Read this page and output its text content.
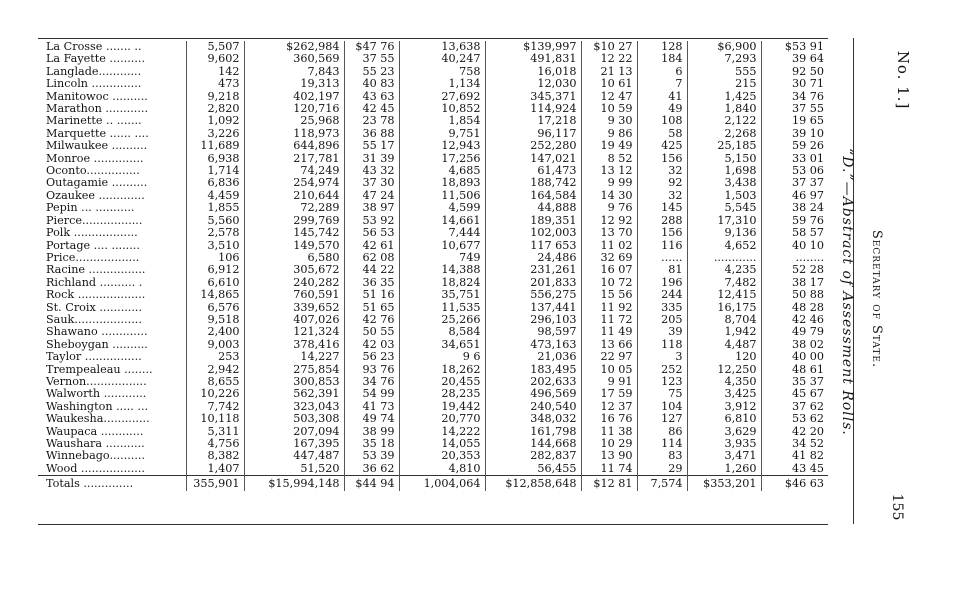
La Crosse ....... ..	5,507	$262,984	$47 76	13,638	$139,997	$10 27	128	$6,900	$53 91
La Fayette ..........	9,602	360,569	37 55	40,247	491,831	12 22	184	7,293	39 64
Langlade............	142	7,843	55 23	758	16,018	21 13	6	555	92 50
Lincoln ..............	473	19,313	40 83	1,134	12,030	10 61	7	215	30 71
Manitowoc ..........	9,218	402,197	43 63	27,692	345,371	12 47	41	1,425	34 76
Marathon ............	2,820	120,716	42 45	10,852	114,924	10 59	49	1,840	37 55
Marinette .. .......	1,092	25,968	23 78	1,854	17,218	9 30	108	2,122	19 65
Marquette ...... ....	3,226	118,973	36 88	9,751	96,117	9 86	58	2,268	39 10
Milwaukee ..........	11,689	644,896	55 17	12,943	252,280	19 49	425	25,185	59 26
Monroe ..............	6,938	217,781	31 39	17,256	147,021	8 52	156	5,150	33 01
Oconto...............	1,714	74,249	43 32	4,685	61,473	13 12	32	1,698	53 06
Outagamie ..........	6,836	254,974	37 30	18,893	188,742	9 99	92	3,438	37 37
Ozaukee .............	4,459	210,644	47 24	11,506	164,584	14 30	32	1,503	46 97
Pepin ... ...........	1,855	72,289	38 97	4,599	44,888	9 76	145	5,545	38 24
Pierce.................	5,560	299,769	53 92	14,661	189,351	12 92	288	17,310	59 76
Polk ..................	2,578	145,742	56 53	7,444	102,003	13 70	156	9,136	58 57
Portage .... ........	3,510	149,570	42 61	10,677	117 653	11 02	116	4,652	40 10
Price..................	106	6,580	62 08	749	24,486	32 69	......	............	........
Racine ................	6,912	305,672	44 22	14,388	231,261	16 07	81	4,235	52 28
Richland .......... .	6,610	240,282	36 35	18,824	201,833	10 72	196	7,482	38 17
Rock ...................	14,865	760,591	51 16	35,751	556,275	15 56	244	12,415	50 88
St. Croix ............	6,576	339,652	51 65	11,535	137,441	11 92	335	16,175	48 28
Sauk...................	9,518	407,026	42 76	25,266	296,103	11 72	205	8,704	42 46
Shawano .............	2,400	121,324	50 55	8,584	98,597	11 49	39	1,942	49 79
Sheboygan ..........	9,003	378,416	42 03	34,651	473,163	13 66	118	4,487	38 02
Taylor ................	253	14,227	56 23	9 6	21,036	22 97	3	120	40 00
Trempealeau ........	2,942	275,854	93 76	18,262	183,495	10 05	252	12,250	48 61
Vernon.................	8,655	300,853	34 76	20,455	202,633	9 91	123	4,350	35 37
Walworth ............	10,226	562,391	54 99	28,235	496,569	17 59	75	3,425	45 67
Washington ..... ...	7,742	323,043	41 73	19,442	240,540	12 37	104	3,912	37 62
Waukesha.............	10,118	503,308	49 74	20,770	348,032	16 76	127	6,810	53 62
Waupaca ............	5,311	207,094	38 99	14,222	161,798	11 38	86	3,629	42 20
Waushara ...........	4,756	167,395	35 18	14,055	144,668	10 29	114	3,935	34 52
Winnebago..........	8,382	447,487	53 39	20,353	282,837	13 90	83	3,471	41 82
Wood ..................	1,407	51,520	36 62	4,810	56,455	11 74	29	1,260	43 45
Totals ..............	355,901	$15,994,148	$44 94	1,004,064	$12,858,648	$12 81	7,574	$353,201	$46 63
“D.”—Abstract of Assessment Rolls. Secretary of State.
No. 1.]
155
